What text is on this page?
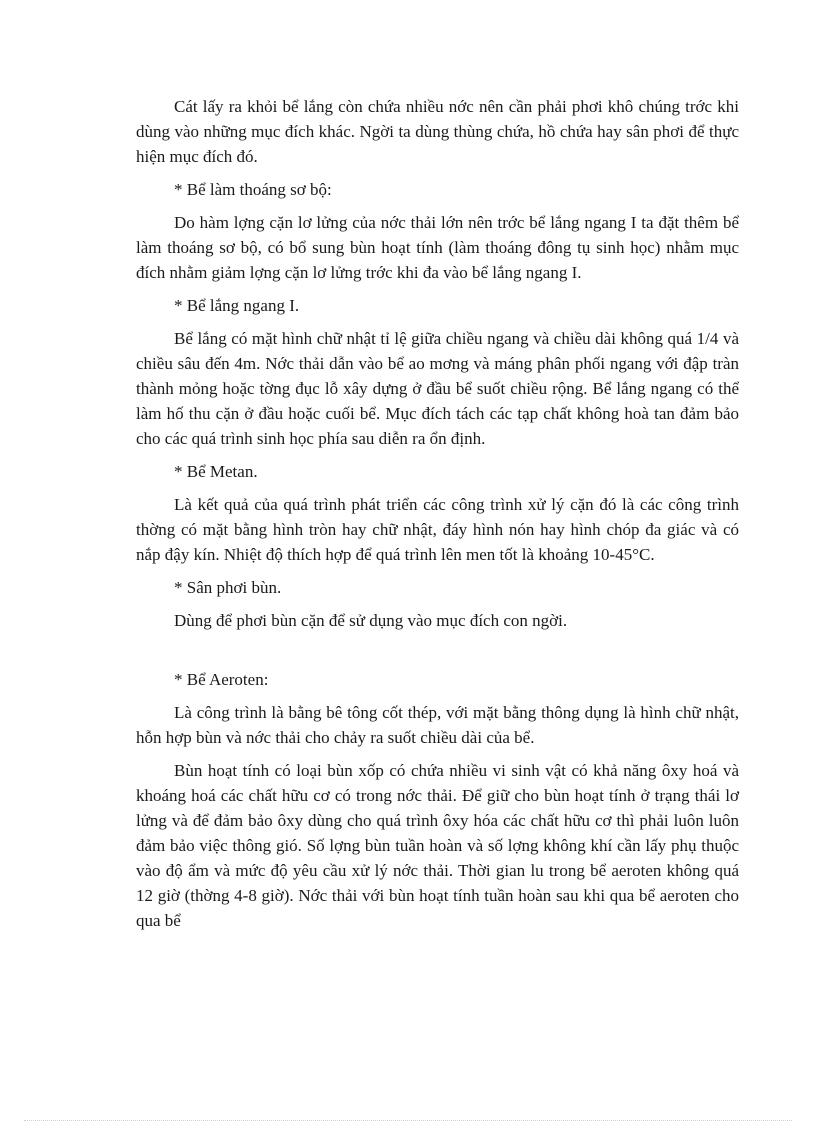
Cát lấy ra khỏi bể lắng còn chứa nhiều nớc nên cần phải phơi khô chúng trớc khi dùng vào những mục đích khác. Ngời ta dùng thùng chứa, hồ chứa hay sân phơi để thực hiện mục đích đó.

* Bể làm thoáng sơ bộ:

Do hàm lợng cặn lơ lửng của nớc thải lớn nên trớc bể lắng ngang I ta đặt thêm bể làm thoáng sơ bộ, có bổ sung bùn hoạt tính (làm thoáng đông tụ sinh học) nhằm mục đích nhằm giảm lợng cặn lơ lửng trớc khi đa vào bể lắng ngang I.

* Bể lắng ngang I.

Bể lắng có mặt hình chữ nhật tỉ lệ giữa chiều ngang và chiều dài không quá 1/4 và chiều sâu đến 4m. Nớc thải dẫn vào bể ao mơng và máng phân phối ngang với đập tràn thành mỏng hoặc tờng đục lỗ xây dựng ở đầu bể suốt chiều rộng. Bể lắng ngang có thể làm hố thu cặn ở đầu hoặc cuối bể. Mục đích tách các tạp chất không hoà tan đảm bảo cho các quá trình sinh học phía sau diễn ra ổn định.

* Bể Metan.

Là kết quả của quá trình phát triển các công trình xử lý cặn đó là các công trình thờng có mặt bằng hình tròn hay chữ nhật, đáy hình nón hay hình chóp đa giác và có nắp đậy kín. Nhiệt độ thích hợp để quá trình lên men tốt là khoảng 10-45°C.

* Sân phơi bùn.

Dùng để phơi bùn cặn để sử dụng vào mục đích con ngời.

* Bể Aeroten:

Là công trình là bằng bê tông cốt thép, với mặt bằng thông dụng là hình chữ nhật, hỗn hợp bùn và nớc thải cho chảy ra suốt chiều dài của bể.

Bùn hoạt tính có loại bùn xốp có chứa nhiều vi sinh vật có khả năng ôxy hoá và khoáng hoá các chất hữu cơ có trong nớc thải. Để giữ cho bùn hoạt tính ở trạng thái lơ lửng và để đảm bảo ôxy dùng cho quá trình ôxy hóa các chất hữu cơ thì phải luôn luôn đảm bảo việc thông gió. Số lợng bùn tuần hoàn và số lợng không khí cần lấy phụ thuộc vào độ ẩm và mức độ yêu cầu xử lý nớc thải. Thời gian lu trong bể aeroten không quá 12 giờ (thờng 4-8 giờ). Nớc thải với bùn hoạt tính tuần hoàn sau khi qua bể aeroten cho qua bể
